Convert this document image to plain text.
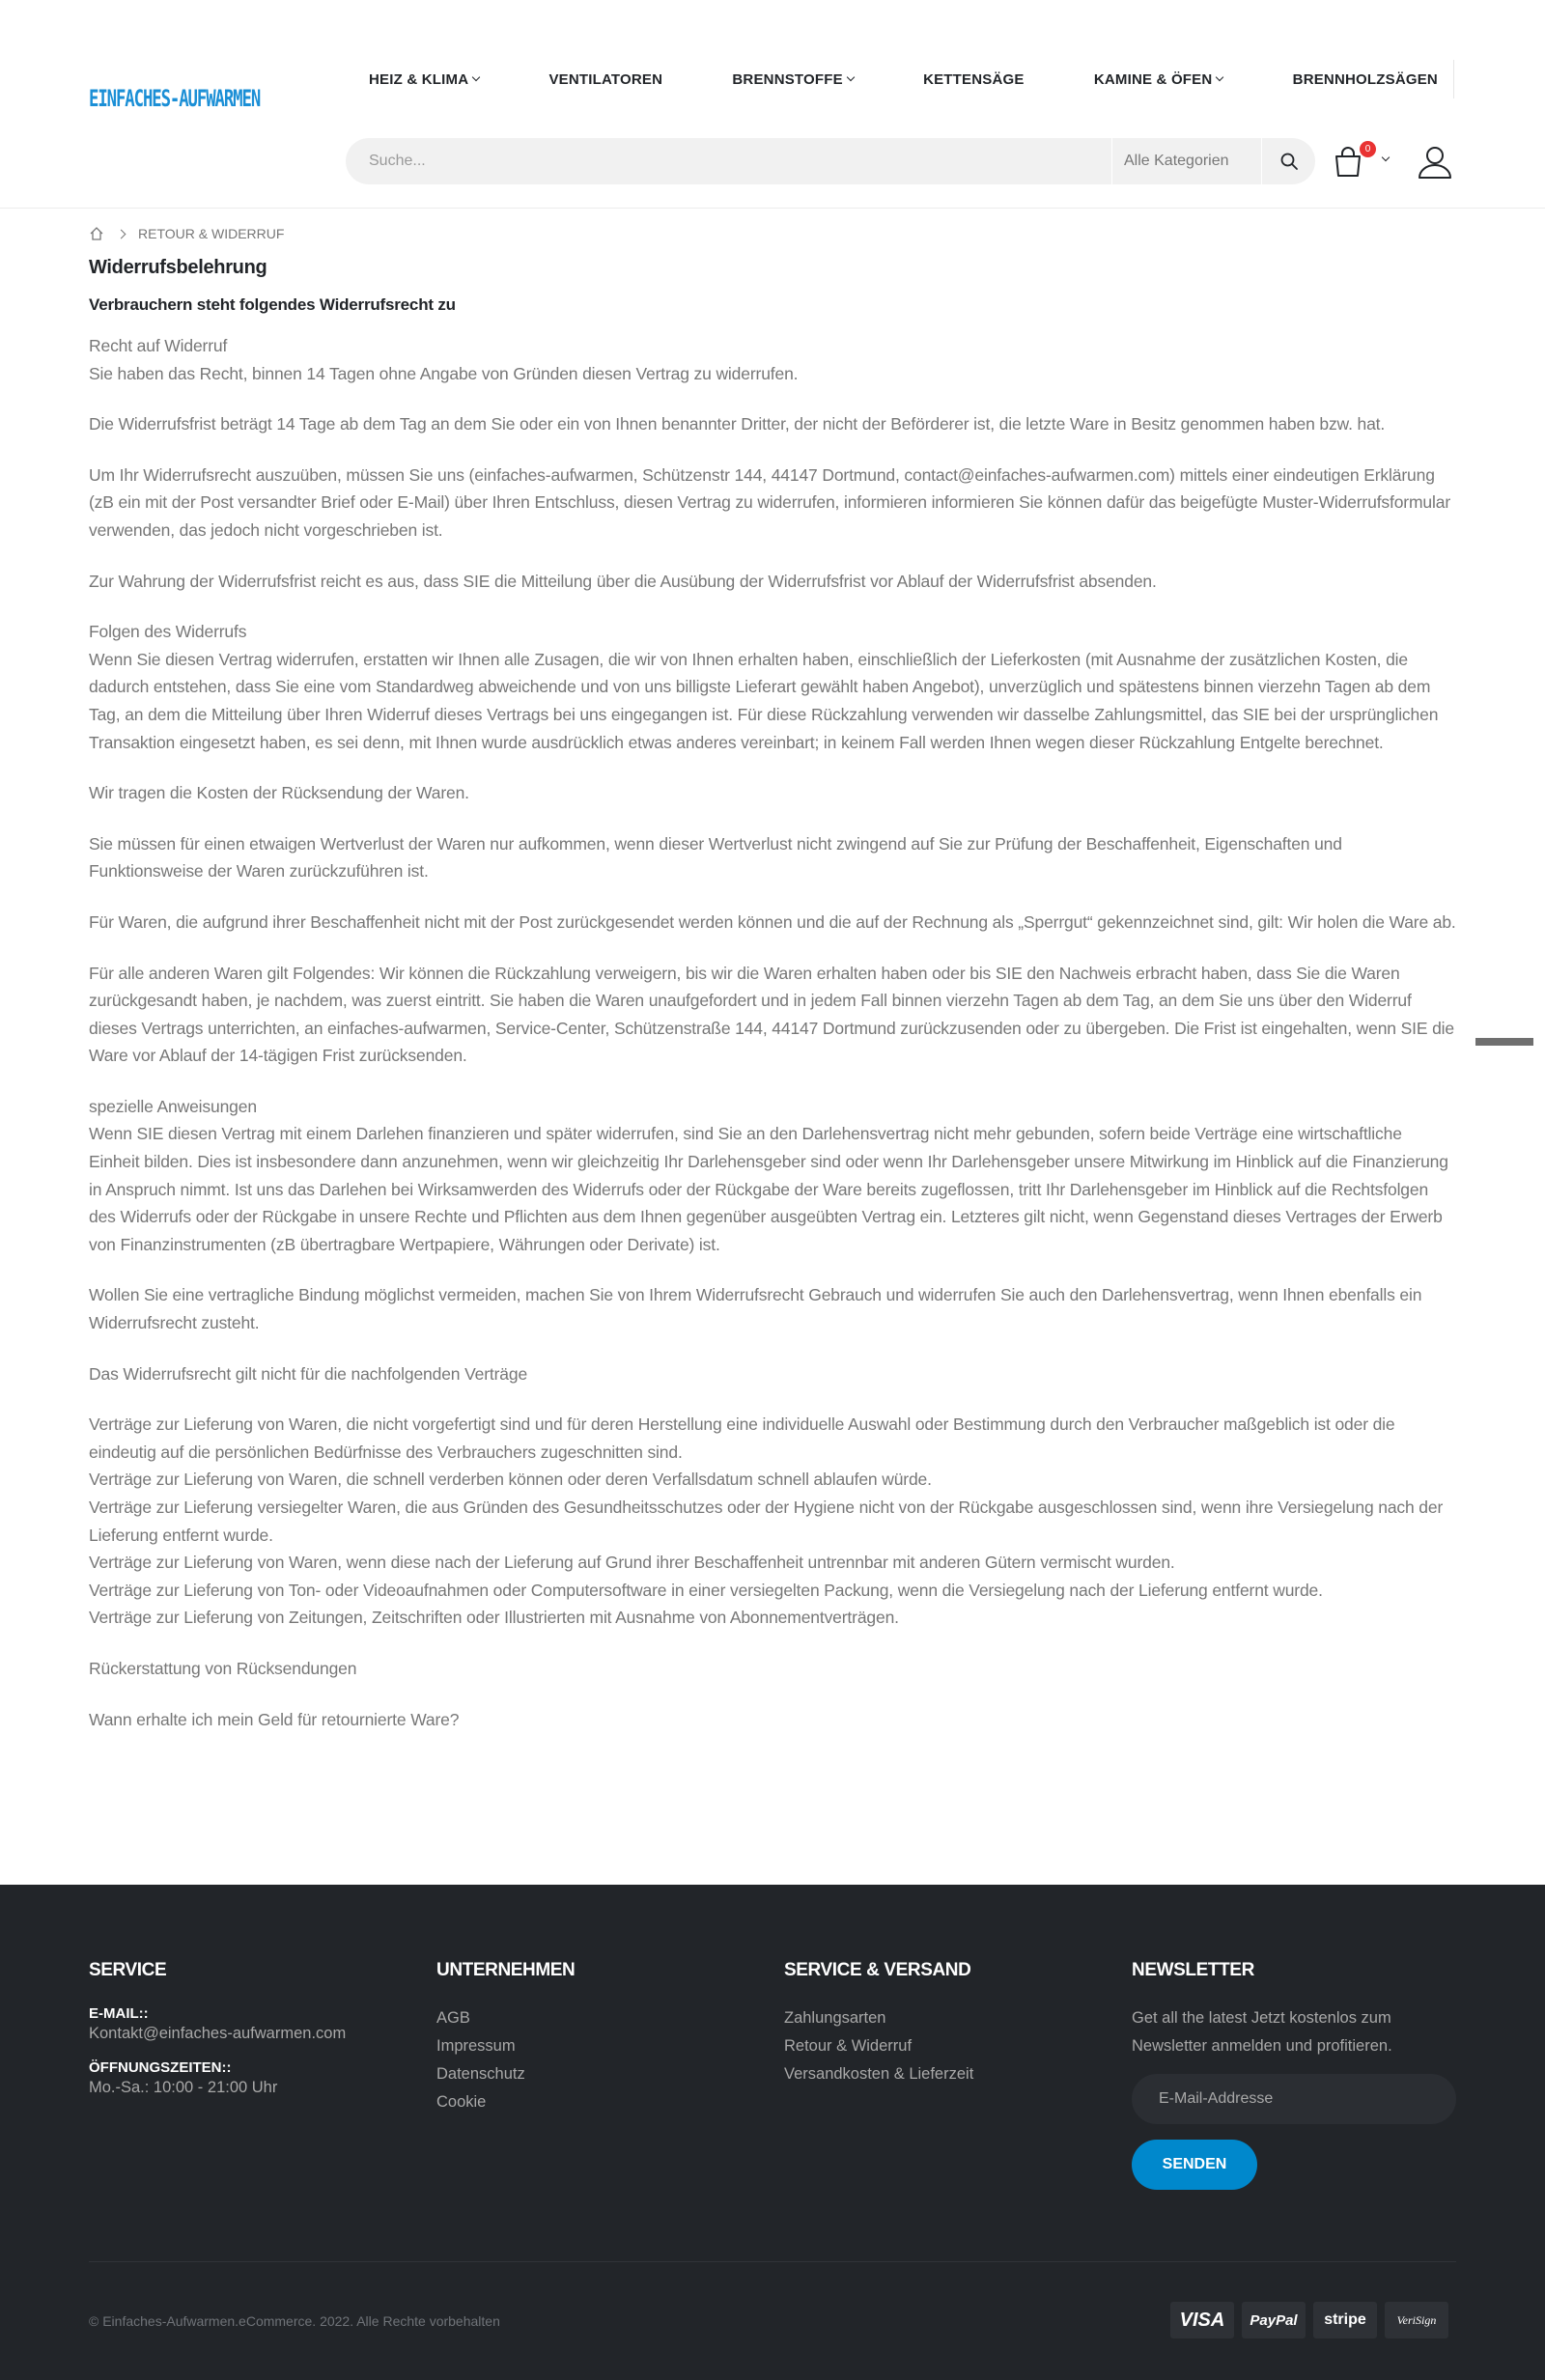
EINFACHES-AUFWARMEN
HEIZ & KLIMA	VENTILATOREN	BRENNSTOFFE	KETTENSÄGE	KAMINE & ÖFEN	BRENNHOLZSÄGEN
Suche...
Alle Kategorien
0
RETOUR & WIDERRUF
Widerrufsbelehrung
Verbrauchern steht folgendes Widerrufsrecht zu
Recht auf Widerruf
Sie haben das Recht, binnen 14 Tagen ohne Angabe von Gründen diesen Vertrag zu widerrufen.
Die Widerrufsfrist beträgt 14 Tage ab dem Tag an dem Sie oder ein von Ihnen benannter Dritter, der nicht der Beförderer ist, die letzte Ware in Besitz genommen haben bzw. hat.
Um Ihr Widerrufsrecht auszuüben, müssen Sie uns (einfaches-aufwarmen, Schützenstr 144, 44147 Dortmund, contact@einfaches-aufwarmen.com) mittels einer eindeutigen Erklärung (zB ein mit der Post versandter Brief oder E-Mail) über Ihren Entschluss, diesen Vertrag zu widerrufen, informieren informieren Sie können dafür das beigefügte Muster-Widerrufsformular verwenden, das jedoch nicht vorgeschrieben ist.
Zur Wahrung der Widerrufsfrist reicht es aus, dass SIE die Mitteilung über die Ausübung der Widerrufsfrist vor Ablauf der Widerrufsfrist absenden.
Folgen des Widerrufs
Wenn Sie diesen Vertrag widerrufen, erstatten wir Ihnen alle Zusagen, die wir von Ihnen erhalten haben, einschließlich der Lieferkosten (mit Ausnahme der zusätzlichen Kosten, die dadurch entstehen, dass Sie eine vom Standardweg abweichende und von uns billigste Lieferart gewählt haben Angebot), unverzüglich und spätestens binnen vierzehn Tagen ab dem Tag, an dem die Mitteilung über Ihren Widerruf dieses Vertrags bei uns eingegangen ist. Für diese Rückzahlung verwenden wir dasselbe Zahlungsmittel, das SIE bei der ursprünglichen Transaktion eingesetzt haben, es sei denn, mit Ihnen wurde ausdrücklich etwas anderes vereinbart; in keinem Fall werden Ihnen wegen dieser Rückzahlung Entgelte berechnet.
Wir tragen die Kosten der Rücksendung der Waren.
Sie müssen für einen etwaigen Wertverlust der Waren nur aufkommen, wenn dieser Wertverlust nicht zwingend auf Sie zur Prüfung der Beschaffenheit, Eigenschaften und Funktionsweise der Waren zurückzuführen ist.
Für Waren, die aufgrund ihrer Beschaffenheit nicht mit der Post zurückgesendet werden können und die auf der Rechnung als „Sperrgut“ gekennzeichnet sind, gilt: Wir holen die Ware ab.
Für alle anderen Waren gilt Folgendes: Wir können die Rückzahlung verweigern, bis wir die Waren erhalten haben oder bis SIE den Nachweis erbracht haben, dass Sie die Waren zurückgesandt haben, je nachdem, was zuerst eintritt. Sie haben die Waren unaufgefordert und in jedem Fall binnen vierzehn Tagen ab dem Tag, an dem Sie uns über den Widerruf dieses Vertrags unterrichten, an einfaches-aufwarmen, Service-Center, Schützenstraße 144, 44147 Dortmund zurückzusenden oder zu übergeben. Die Frist ist eingehalten, wenn SIE die Ware vor Ablauf der 14-tägigen Frist zurücksenden.
spezielle Anweisungen
Wenn SIE diesen Vertrag mit einem Darlehen finanzieren und später widerrufen, sind Sie an den Darlehensvertrag nicht mehr gebunden, sofern beide Verträge eine wirtschaftliche Einheit bilden. Dies ist insbesondere dann anzunehmen, wenn wir gleichzeitig Ihr Darlehensgeber sind oder wenn Ihr Darlehensgeber unsere Mitwirkung im Hinblick auf die Finanzierung in Anspruch nimmt. Ist uns das Darlehen bei Wirksamwerden des Widerrufs oder der Rückgabe der Ware bereits zugeflossen, tritt Ihr Darlehensgeber im Hinblick auf die Rechtsfolgen des Widerrufs oder der Rückgabe in unsere Rechte und Pflichten aus dem Ihnen gegenüber ausgeübten Vertrag ein. Letzteres gilt nicht, wenn Gegenstand dieses Vertrages der Erwerb von Finanzinstrumenten (zB übertragbare Wertpapiere, Währungen oder Derivate) ist.
Wollen Sie eine vertragliche Bindung möglichst vermeiden, machen Sie von Ihrem Widerrufsrecht Gebrauch und widerrufen Sie auch den Darlehensvertrag, wenn Ihnen ebenfalls ein Widerrufsrecht zusteht.
Das Widerrufsrecht gilt nicht für die nachfolgenden Verträge
Verträge zur Lieferung von Waren, die nicht vorgefertigt sind und für deren Herstellung eine individuelle Auswahl oder Bestimmung durch den Verbraucher maßgeblich ist oder die eindeutig auf die persönlichen Bedürfnisse des Verbrauchers zugeschnitten sind.
Verträge zur Lieferung von Waren, die schnell verderben können oder deren Verfallsdatum schnell ablaufen würde.
Verträge zur Lieferung versiegelter Waren, die aus Gründen des Gesundheitsschutzes oder der Hygiene nicht von der Rückgabe ausgeschlossen sind, wenn ihre Versiegelung nach der Lieferung entfernt wurde.
Verträge zur Lieferung von Waren, wenn diese nach der Lieferung auf Grund ihrer Beschaffenheit untrennbar mit anderen Gütern vermischt wurden.
Verträge zur Lieferung von Ton- oder Videoaufnahmen oder Computersoftware in einer versiegelten Packung, wenn die Versiegelung nach der Lieferung entfernt wurde.
Verträge zur Lieferung von Zeitungen, Zeitschriften oder Illustrierten mit Ausnahme von Abonnementverträgen.
Rückerstattung von Rücksendungen
Wann erhalte ich mein Geld für retournierte Ware?
SERVICE
E-MAIL::
Kontakt@einfaches-aufwarmen.com
ÖFFNUNGSZEITEN::
Mo.-Sa.: 10:00 - 21:00 Uhr
UNTERNEHMEN
AGB
Impressum
Datenschutz
Cookie
SERVICE & VERSAND
Zahlungsarten
Retour & Widerruf
Versandkosten & Lieferzeit
NEWSLETTER
Get all the latest Jetzt kostenlos zum Newsletter anmelden und profitieren.
E-Mail-Addresse
SENDEN
© Einfaches-Aufwarmen.eCommerce. 2022. Alle Rechte vorbehalten	VISA	PayPal	stripe	VeriSign
